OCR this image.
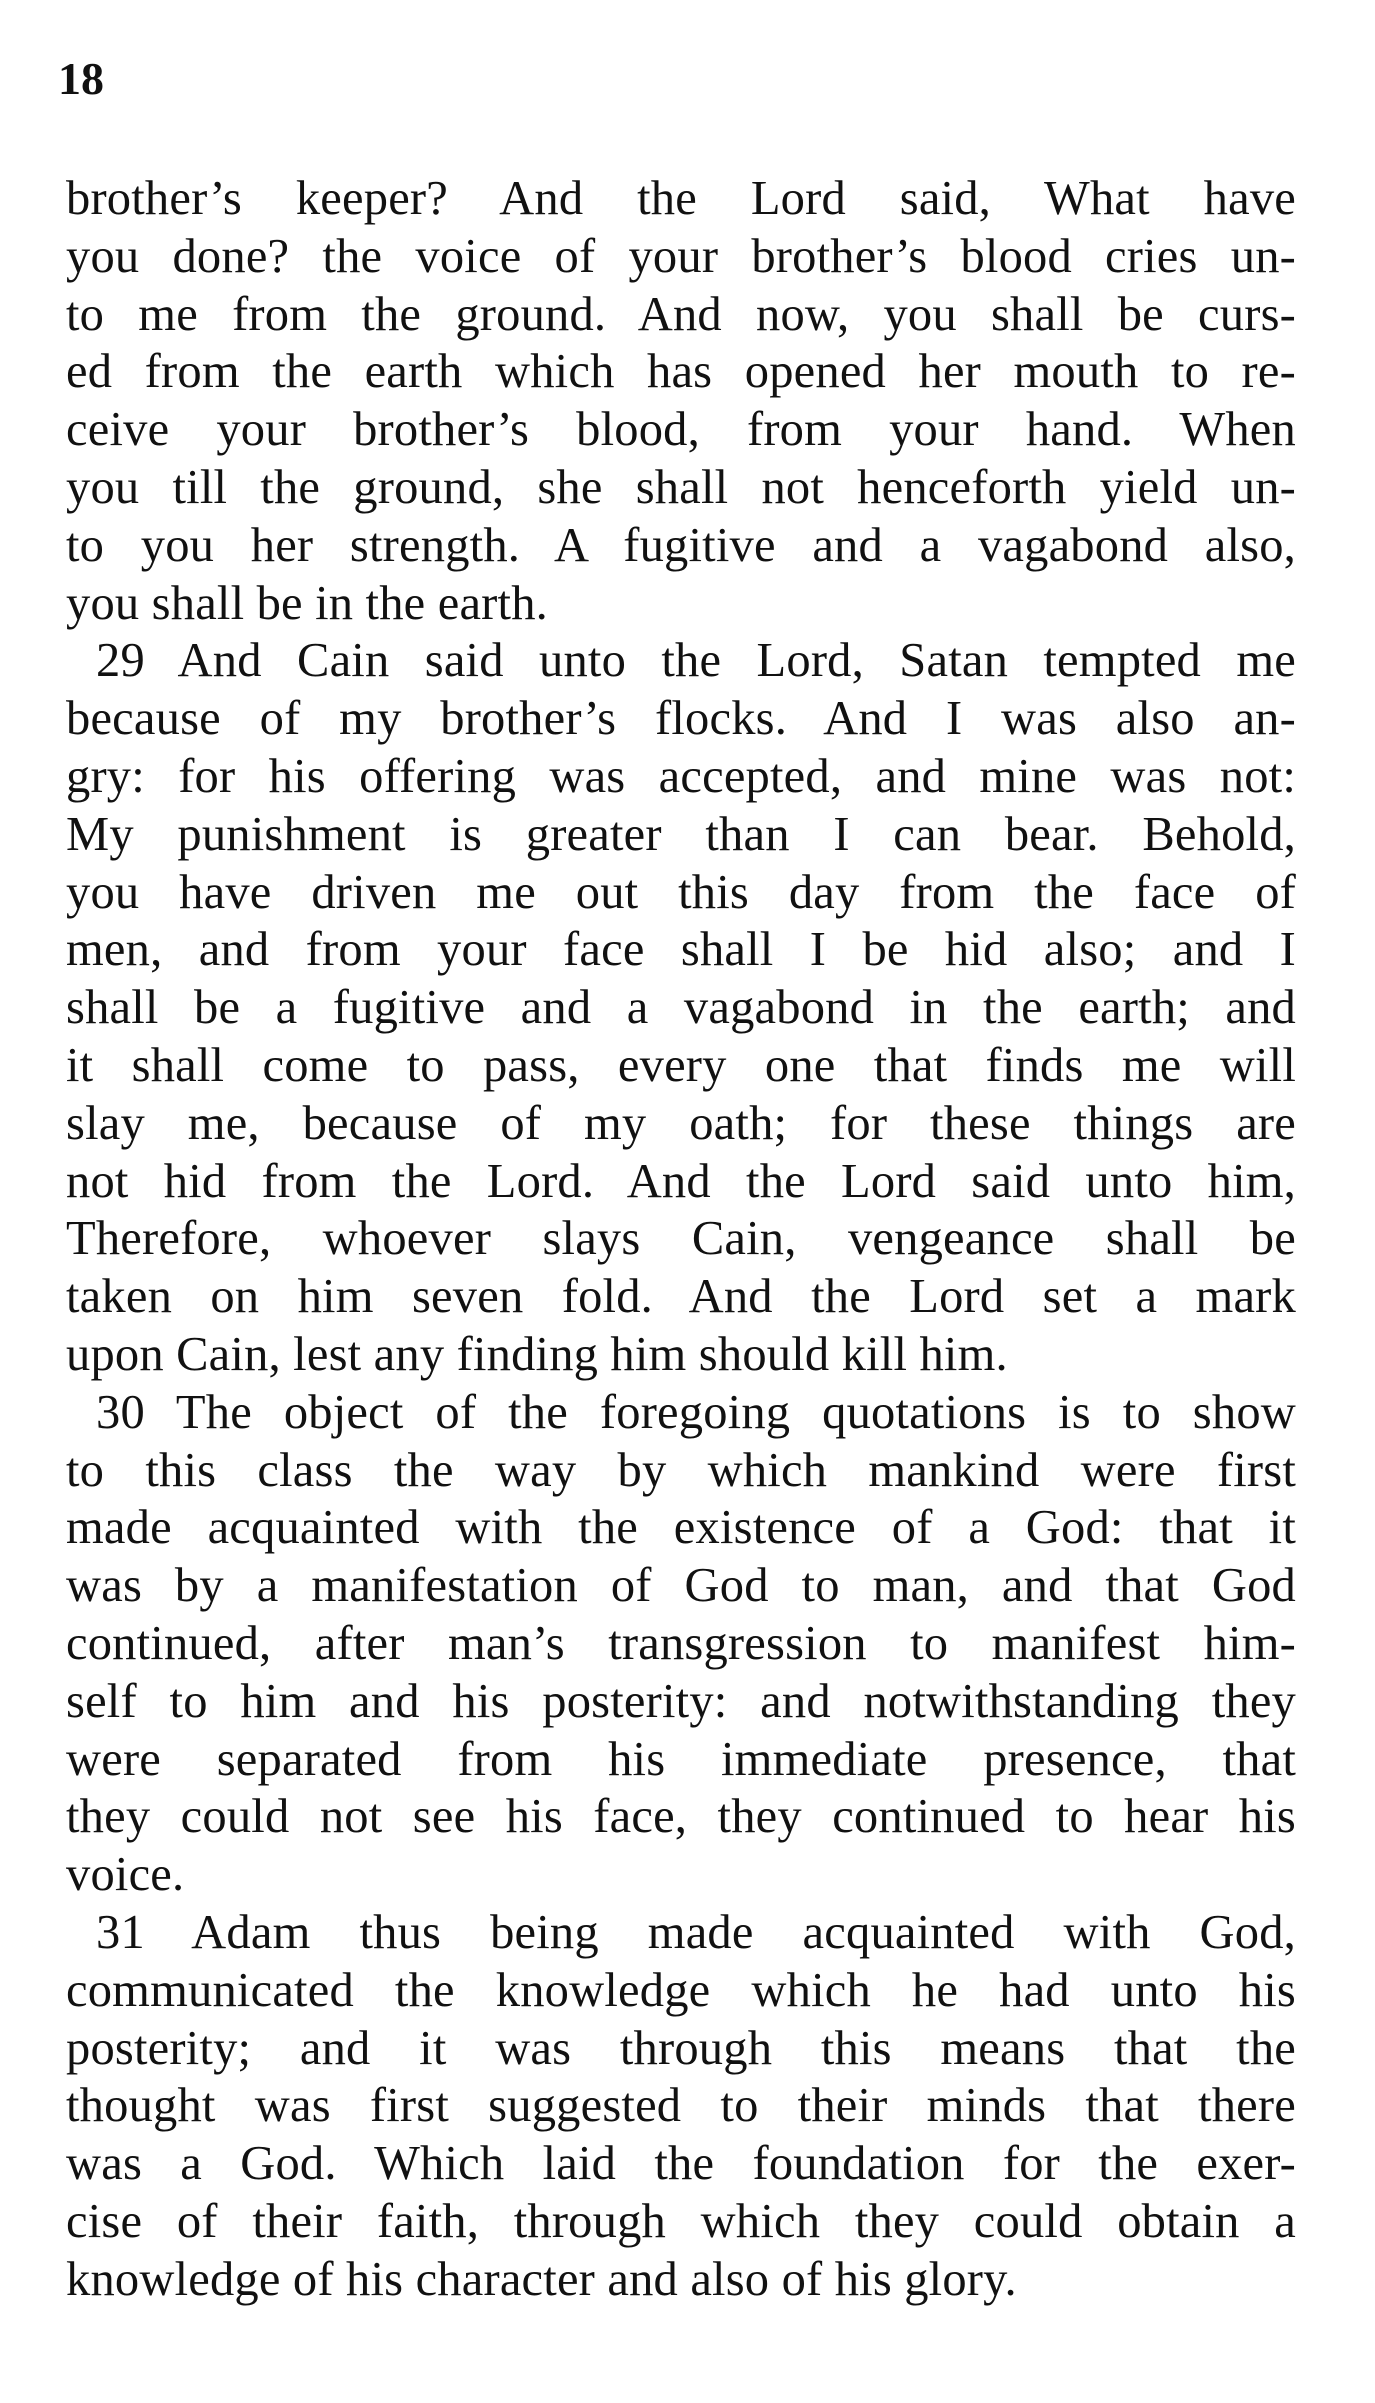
18
brother’s keeper? And the Lord said, What have
you done? the voice of your brother’s blood cries un-
to me from the ground. And now, you shall be curs-
ed from the earth which has opened her mouth to re-
ceive your brother’s blood, from your hand. When
you till the ground, she shall not henceforth yield un-
to you her strength. A fugitive and a vagabond also,
you shall be in the earth.
29 And Cain said unto the Lord, Satan tempted me
because of my brother’s flocks. And I was also an-
gry: for his offering was accepted, and mine was not:
My punishment is greater than I can bear. Behold,
you have driven me out this day from the face of
men, and from your face shall I be hid also; and I
shall be a fugitive and a vagabond in the earth; and
it shall come to pass, every one that finds me will
slay me, because of my oath; for these things are
not hid from the Lord. And the Lord said unto him,
Therefore, whoever slays Cain, vengeance shall be
taken on him seven fold. And the Lord set a mark
upon Cain, lest any finding him should kill him.
30 The object of the foregoing quotations is to show
to this class the way by which mankind were first
made acquainted with the existence of a God: that it
was by a manifestation of God to man, and that God
continued, after man’s transgression to manifest him-
self to him and his posterity: and notwithstanding they
were separated from his immediate presence, that
they could not see his face, they continued to hear his
voice.
31 Adam thus being made acquainted with God,
communicated the knowledge which he had unto his
posterity; and it was through this means that the
thought was first suggested to their minds that there
was a God. Which laid the foundation for the exer-
cise of their faith, through which they could obtain a
knowledge of his character and also of his glory.
